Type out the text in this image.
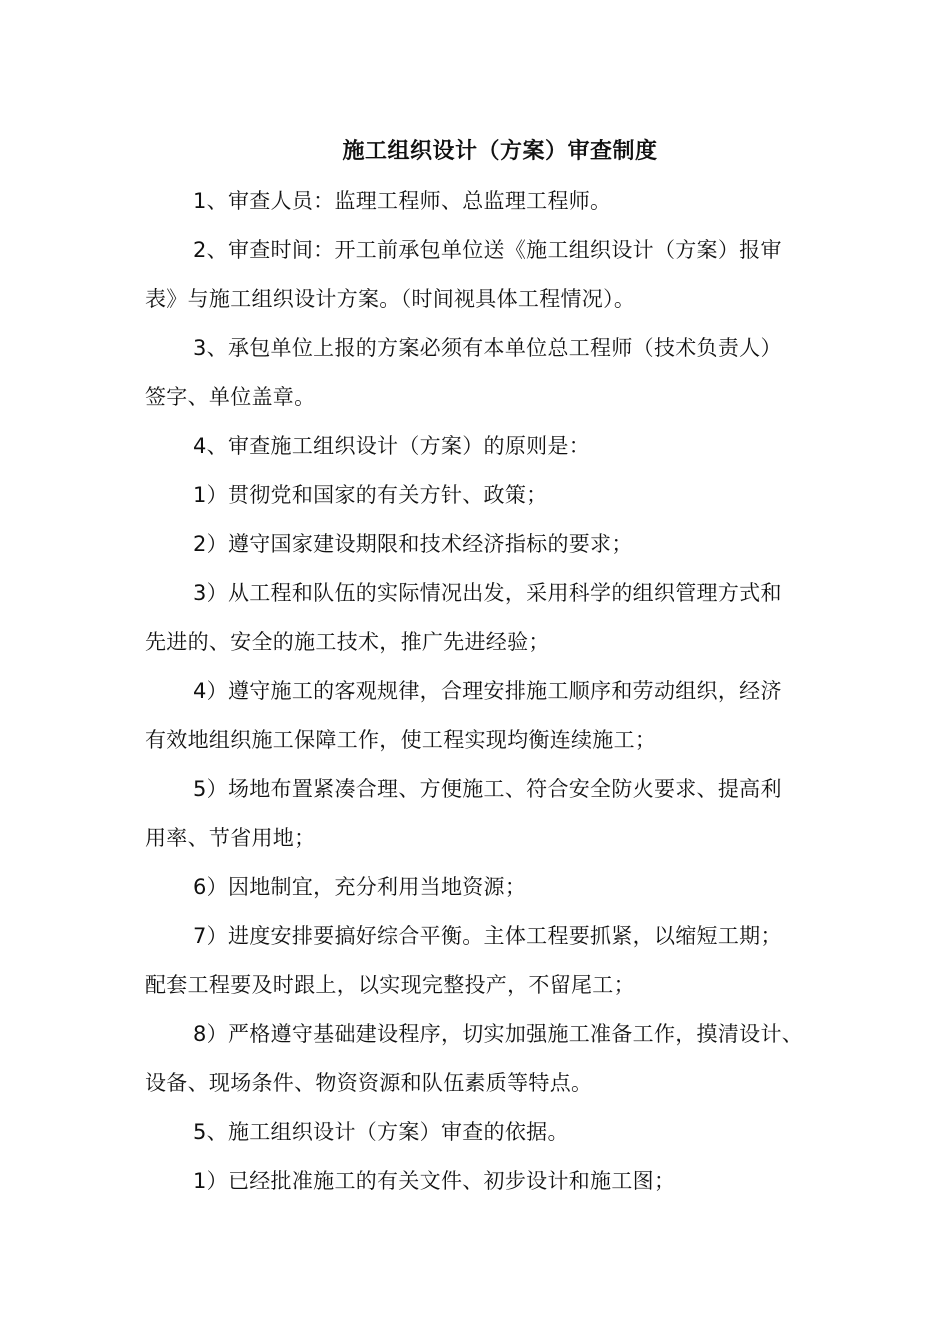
施工组织设计（方案）审查制度
1、审查人员：监理工程师、总监理工程师。
2、审查时间：开工前承包单位送《施工组织设计（方案）报审
表》与施工组织设计方案。（时间视具体工程情况）。
3、承包单位上报的方案必须有本单位总工程师（技术负责人）
签字、单位盖章。
4、审查施工组织设计（方案）的原则是：
1）贯彻党和国家的有关方针、政策；
2）遵守国家建设期限和技术经济指标的要求；
3）从工程和队伍的实际情况出发，采用科学的组织管理方式和
先进的、安全的施工技术，推广先进经验；
4）遵守施工的客观规律，合理安排施工顺序和劳动组织，经济
有效地组织施工保障工作，使工程实现均衡连续施工；
5）场地布置紧凑合理、方便施工、符合安全防火要求、提高利
用率、节省用地；
6）因地制宜，充分利用当地资源；
7）进度安排要搞好综合平衡。主体工程要抓紧，以缩短工期；
配套工程要及时跟上，以实现完整投产，不留尾工；
8）严格遵守基础建设程序，切实加强施工准备工作，摸清设计、
设备、现场条件、物资资源和队伍素质等特点。
5、施工组织设计（方案）审查的依据。
1）已经批准施工的有关文件、初步设计和施工图；
